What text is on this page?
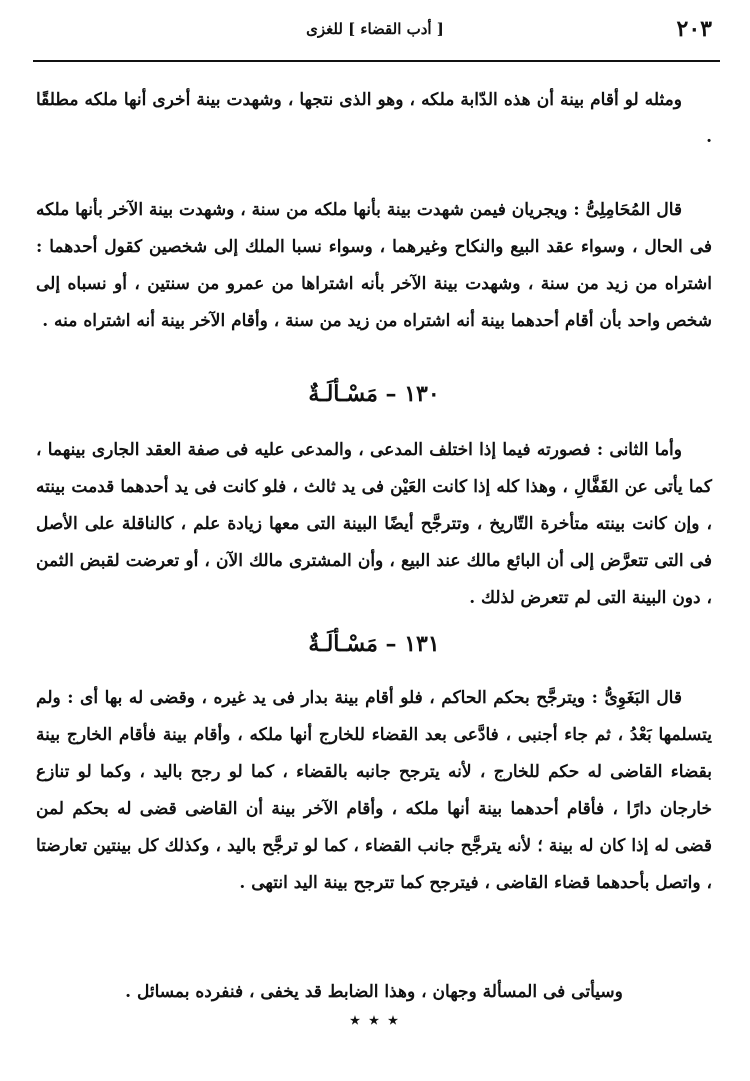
٢٠٣
[ أدب القضاء ] للغزى

ومثله لو أقام بينة أن هذه الدّابة ملكه ، وهو الذى نتجها ، وشهدت بينة أخرى أنها ملكه مطلقًا .

قال المُحَامِلِىُّ : ويجريان فيمن شهدت بينة بأنها ملكه من سنة ، وشهدت بينة الآخر بأنها ملكه فى الحال ، وسواء عقد البيع والنكاح وغيرهما ، وسواء نسبا الملك إلى شخصين كقول أحدهما : اشتراه من زيد من سنة ، وشهدت بينة الآخر بأنه اشتراها من عمرو من سنتين ، أو نسباه إلى شخص واحد بأن أقام أحدهما بينة أنه اشتراه من زيد من سنة ، وأقام الآخر بينة أنه اشتراه منه .

١٣٠ – مَسْـألَـةٌ

وأما الثانى : فصورته فيما إذا اختلف المدعى ، والمدعى عليه فى صفة العقد الجارى بينهما ، كما يأتى عن القَفَّالِ ، وهذا كله إذا كانت العَيْن فى يد ثالث ، فلو كانت فى يد أحدهما قدمت بينته ، وإن كانت بينته متأخرة التّاريخ ، وتترجَّح أيضًا البينة التى معها زيادة علم ، كالناقلة على الأصل فى التى تتعرَّض إلى أن البائع مالك عند البيع ، وأن المشترى مالك الآن ، أو تعرضت لقبض الثمن ، دون البينة التى لم تتعرض لذلك .

١٣١ – مَسْـألَـةٌ

قال البَغَوِىُّ : ويترجَّح بحكم الحاكم ، فلو أقام بينة بدار فى يد غيره ، وقضى له بها أى : ولم يتسلمها بَعْدُ ، ثم جاء أجنبى ، فادَّعى بعد القضاء للخارج أنها ملكه ، وأقام بينة فأقام الخارج بينة بقضاء القاضى له حكم للخارج ، لأنه يترجح جانبه بالقضاء ، كما لو رجح باليد ، وكما لو تنازع خارجان دارًا ، فأقام أحدهما بينة أنها ملكه ، وأقام الآخر بينة أن القاضى قضى له بحكم لمن قضى له إذا كان له بينة ؛ لأنه يترجَّح جانب القضاء ، كما لو ترجَّح باليد ، وكذلك كل بينتين تعارضتا ، واتصل بأحدهما قضاء القاضى ، فيترجح كما تترجح بينة اليد انتهى .

وسيأتى فى المسألة وجهان ، وهذا الضابط قد يخفى ، فنفرده بمسائل .

٭ ٭ ٭
